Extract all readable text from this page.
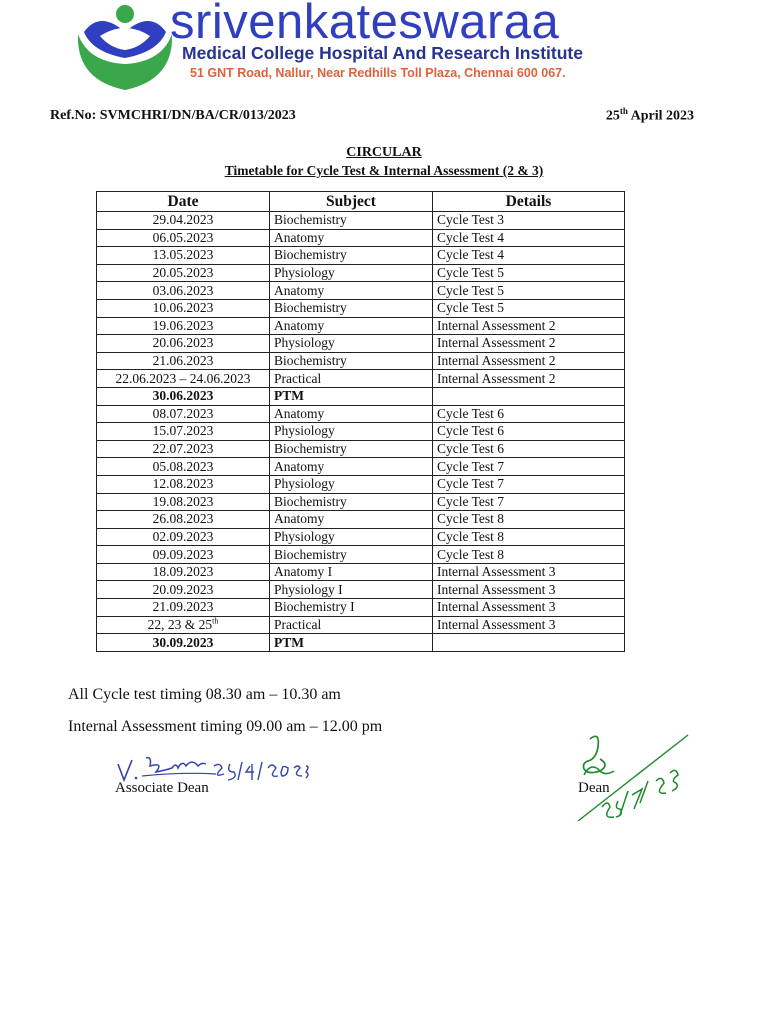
srivenkateswaraa
Medical College Hospital And Research Institute
51 GNT Road, Nallur, Near Redhills Toll Plaza, Chennai 600 067.
Ref.No: SVMCHRI/DN/BA/CR/013/2023	25th April 2023
CIRCULAR
Timetable for Cycle Test & Internal Assessment (2 & 3)
Date	Subject	Details
29.04.2023	Biochemistry	Cycle Test 3
06.05.2023	Anatomy	Cycle Test 4
13.05.2023	Biochemistry	Cycle Test 4
20.05.2023	Physiology	Cycle Test 5
03.06.2023	Anatomy	Cycle Test 5
10.06.2023	Biochemistry	Cycle Test 5
19.06.2023	Anatomy	Internal Assessment 2
20.06.2023	Physiology	Internal Assessment 2
21.06.2023	Biochemistry	Internal Assessment 2
22.06.2023 – 24.06.2023	Practical	Internal Assessment 2
30.06.2023	PTM	
08.07.2023	Anatomy	Cycle Test 6
15.07.2023	Physiology	Cycle Test 6
22.07.2023	Biochemistry	Cycle Test 6
05.08.2023	Anatomy	Cycle Test 7
12.08.2023	Physiology	Cycle Test 7
19.08.2023	Biochemistry	Cycle Test 7
26.08.2023	Anatomy	Cycle Test 8
02.09.2023	Physiology	Cycle Test 8
09.09.2023	Biochemistry	Cycle Test 8
18.09.2023	Anatomy I	Internal Assessment 3
20.09.2023	Physiology I	Internal Assessment 3
21.09.2023	Biochemistry I	Internal Assessment 3
22, 23 & 25th	Practical	Internal Assessment 3
30.09.2023	PTM	
All Cycle test timing 08.30 am – 10.30 am
Internal Assessment timing 09.00 am – 12.00 pm
Associate Dean	Dean
